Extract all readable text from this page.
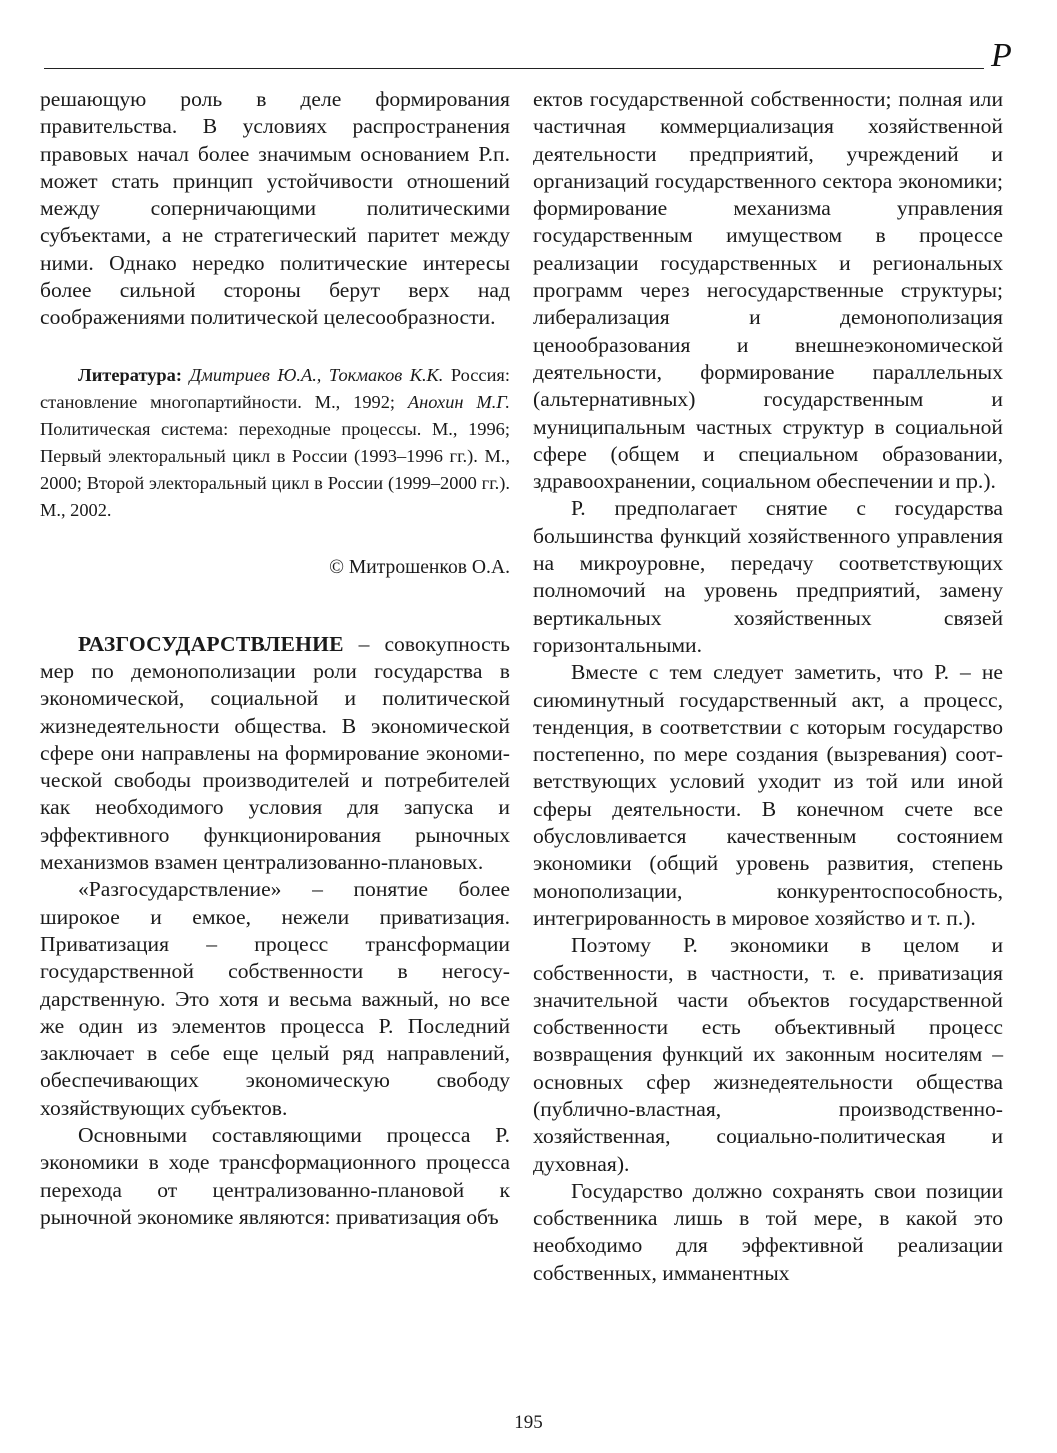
Р

решающую роль в деле формирования правительства. В условиях распространения правовых начал более значимым основанием Р.п. может стать принцип устойчивости отношений между соперничающими политическими субъектами, а не стратегический паритет между ними. Однако нередко политические интересы более сильной стороны берут верх над соображениями политической целесообразности.

Литература: Дмитриев Ю.А., Токмаков К.К. Россия: становление многопартийности. М., 1992; Анохин М.Г. Политическая система: переходные процессы. М., 1996; Первый электоральный цикл в России (1993–1996 гг.). М., 2000; Второй электоральный цикл в России (1999–2000 гг.). М., 2002.

© Митрошенков О.А.

РАЗГОСУДАРСТВЛЕНИЕ – совокупность мер по демонополизации роли государства в экономической, социальной и политической жизнедеятельности общества. В экономической сфере они направлены на формирование экономической свободы производителей и потребителей как необходимого условия для запуска и эффективного функционирования рыночных механизмов взамен централизованно-плановых.

«Разгосударствление» – понятие более широкое и емкое, нежели приватизация. Приватизация – процесс трансформации государственной собственности в негосударственную. Это хотя и весьма важный, но все же один из элементов процесса Р. Последний заключает в себе еще целый ряд направлений, обеспечивающих экономическую свободу хозяйствующих субъектов.

Основными составляющими процесса Р. экономики в ходе трансформационного процесса перехода от централизованно-плановой к рыночной экономике являются: приватизация объ

ектов государственной собственности; полная или частичная коммерциализация хозяйственной деятельности предприятий, учреждений и организаций государственного сектора экономики; формирование механизма управления государственным имуществом в процессе реализации государственных и региональных программ через негосударственные структуры; либерализация и демонополизация ценообразования и внешнеэкономической деятельности, формирование параллельных (альтернативных) государственным и муниципальным частных структур в социальной сфере (общем и специальном образовании, здравоохранении, социальном обеспечении и пр.).

Р. предполагает снятие с государства большинства функций хозяйственного управления на микроуровне, передачу соответствующих полномочий на уровень предприятий, замену вертикальных хозяйственных связей горизонтальными.

Вместе с тем следует заметить, что Р. – не сиюминутный государственный акт, а процесс, тенденция, в соответствии с которым государство постепенно, по мере создания (вызревания) соответствующих условий уходит из той или иной сферы деятельности. В конечном счете все обусловливается качественным состоянием экономики (общий уровень развития, степень монополизации, конкурентоспособность, интегрированность в мировое хозяйство и т. п.).

Поэтому Р. экономики в целом и собственности, в частности, т. е. приватизация значительной части объектов государственной собственности есть объективный процесс возвращения функций их законным носителям – основных сфер жизнедеятельности общества (публично-властная, производственно-хозяйственная, социально-политическая и духовная).

Государство должно сохранять свои позиции собственника лишь в той мере, в какой это необходимо для эффективной реализации собственных, имманентных

195
